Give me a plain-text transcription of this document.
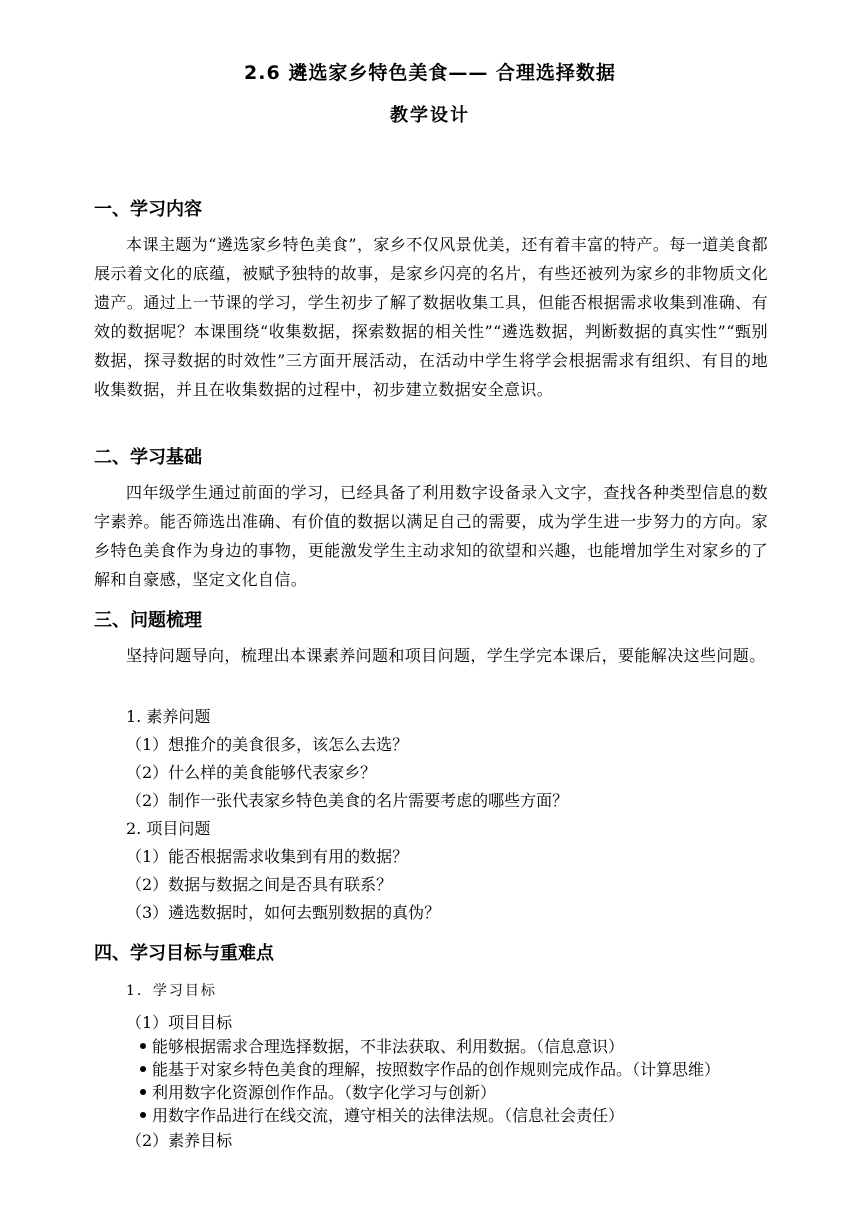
2.6 遴选家乡特色美食—— 合理选择数据
教学设计
一、学习内容
本课主题为“遴选家乡特色美食”，家乡不仅风景优美，还有着丰富的特产。每一道美食都展示着文化的底蕴，被赋予独特的故事，是家乡闪亮的名片，有些还被列为家乡的非物质文化遗产。通过上一节课的学习，学生初步了解了数据收集工具，但能否根据需求收集到准确、有效的数据呢？本课围绕“收集数据，探索数据的相关性”“遴选数据，判断数据的真实性”“甄别数据，探寻数据的时效性”三方面开展活动，在活动中学生将学会根据需求有组织、有目的地收集数据，并且在收集数据的过程中，初步建立数据安全意识。
二、学习基础
四年级学生通过前面的学习，已经具备了利用数字设备录入文字，查找各种类型信息的数字素养。能否筛选出准确、有价值的数据以满足自己的需要，成为学生进一步努力的方向。家乡特色美食作为身边的事物，更能激发学生主动求知的欲望和兴趣，也能增加学生对家乡的了解和自豪感，坚定文化自信。
三、问题梳理
坚持问题导向，梳理出本课素养问题和项目问题，学生学完本课后，要能解决这些问题。
1. 素养问题
（1）想推介的美食很多，该怎么去选？
（2）什么样的美食能够代表家乡？
（2）制作一张代表家乡特色美食的名片需要考虑的哪些方面？
2. 项目问题
（1）能否根据需求收集到有用的数据？
（2）数据与数据之间是否具有联系？
（3）遴选数据时，如何去甄别数据的真伪？
四、学习目标与重难点
1．学习目标
（1）项目目标
能够根据需求合理选择数据，不非法获取、利用数据。（信息意识）
能基于对家乡特色美食的理解，按照数字作品的创作规则完成作品。（计算思维）
利用数字化资源创作作品。（数字化学习与创新）
用数字作品进行在线交流，遵守相关的法律法规。（信息社会责任）
（2）素养目标
